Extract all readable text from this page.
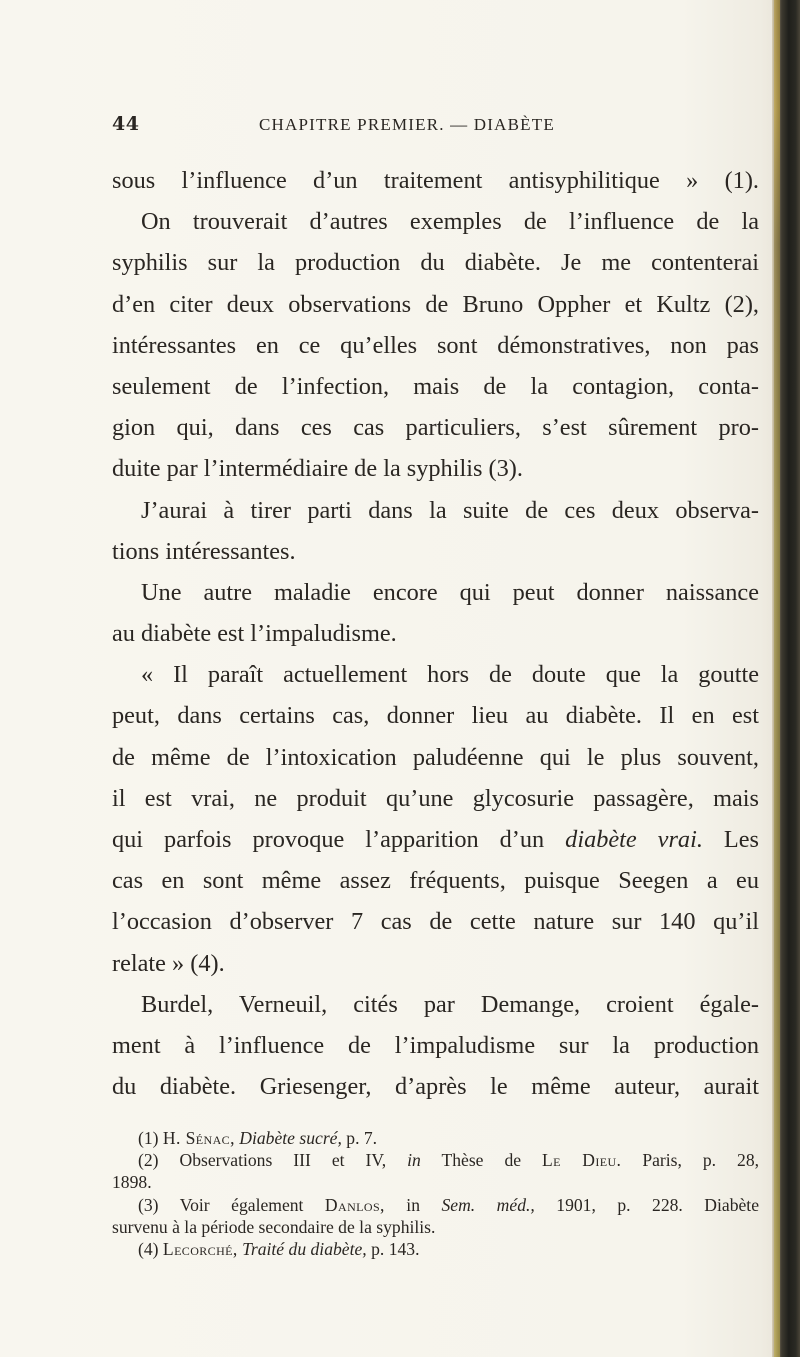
44	CHAPITRE PREMIER. — DIABÈTE
sous l’influence d’un traitement antisyphilitique » (1).
On trouverait d’autres exemples de l’influence de la
syphilis sur la production du diabète. Je me contenterai
d’en citer deux observations de Bruno Oppher et Kultz (2),
intéressantes en ce qu’elles sont démonstratives, non pas
seulement de l’infection, mais de la contagion, conta-
gion qui, dans ces cas particuliers, s’est sûrement pro-
duite par l’intermédiaire de la syphilis (3).
J’aurai à tirer parti dans la suite de ces deux observa-
tions intéressantes.
Une autre maladie encore qui peut donner naissance
au diabète est l’impaludisme.
« Il paraît actuellement hors de doute que la goutte
peut, dans certains cas, donner lieu au diabète. Il en est
de même de l’intoxication paludéenne qui le plus souvent,
il est vrai, ne produit qu’une glycosurie passagère, mais
qui parfois provoque l’apparition d’un diabète vrai. Les
cas en sont même assez fréquents, puisque Seegen a eu
l’occasion d’observer 7 cas de cette nature sur 140 qu’il
relate » (4).
Burdel, Verneuil, cités par Demange, croient égale-
ment à l’influence de l’impaludisme sur la production
du diabète. Griesenger, d’après le même auteur, aurait
(1) H. Sénac, Diabète sucré, p. 7.
(2) Observations III et IV, in Thèse de Le Dieu. Paris, p. 28,
1898.
(3) Voir également Danlos, in Sem. méd., 1901, p. 228. Diabète
survenu à la période secondaire de la syphilis.
(4) Lecorché, Traité du diabète, p. 143.
